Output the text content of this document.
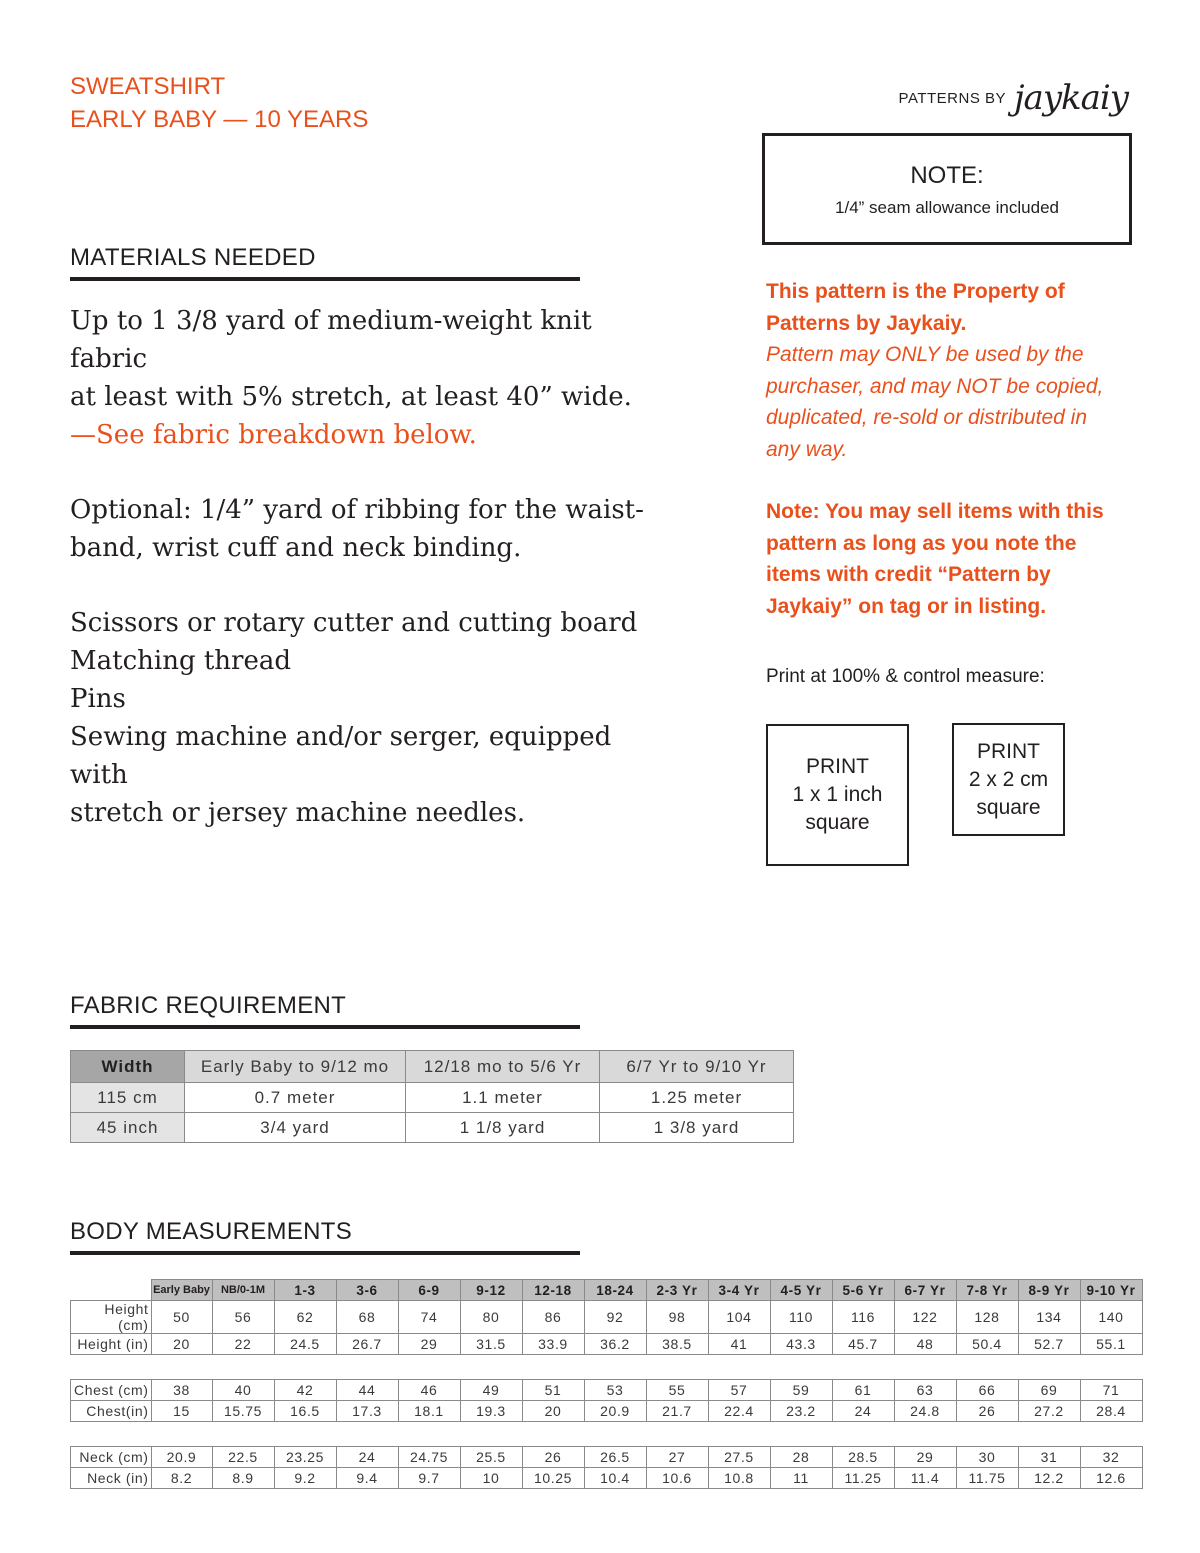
SWEATSHIRT
EARLY BABY — 10 YEARS
PATTERNS BY jaykaiy
NOTE:
1/4” seam allowance included
MATERIALS NEEDED

Up to 1 3/8 yard of medium-weight knit fabric

at least with 5% stretch, at least 40” wide.

—See fabric breakdown below.

Optional: 1/4” yard of ribbing for the waist-

band, wrist cuff and neck binding.

Scissors or rotary cutter and cutting board

Matching thread

Pins

Sewing machine and/or serger, equipped with

stretch or jersey machine needles.

This pattern is the Property of
Patterns by Jaykaiy.
Pattern may ONLY be used by the
purchaser, and may NOT be copied,
duplicated, re-sold or distributed in
any way.
Note: You may sell items with this
pattern as long as you note the
items with credit “Pattern by
Jaykaiy” on tag or in listing.
Print at 100% & control measure:
PRINT
1 x 1 inch
square
PRINT
2 x 2 cm
square
FABRIC REQUIREMENT
Width	Early Baby to 9/12 mo	12/18 mo to 5/6 Yr	6/7 Yr to 9/10 Yr
115 cm	0.7 meter	1.1 meter	1.25 meter
45 inch	3/4 yard	1 1/8 yard	1 3/8 yard
BODY MEASUREMENTS
	Early Baby	NB/0-1M	1-3	3-6	6-9	9-12	12-18	18-24	2-3 Yr	3-4 Yr	4-5 Yr	5-6 Yr	6-7 Yr	7-8 Yr	8-9 Yr	9-10 Yr
Height (cm)	50	56	62	68	74	80	86	92	98	104	110	116	122	128	134	140
Height (in)	20	22	24.5	26.7	29	31.5	33.9	36.2	38.5	41	43.3	45.7	48	50.4	52.7	55.1

Chest (cm)	38	40	42	44	46	49	51	53	55	57	59	61	63	66	69	71
Chest(in)	15	15.75	16.5	17.3	18.1	19.3	20	20.9	21.7	22.4	23.2	24	24.8	26	27.2	28.4

Neck (cm)	20.9	22.5	23.25	24	24.75	25.5	26	26.5	27	27.5	28	28.5	29	30	31	32
Neck (in)	8.2	8.9	9.2	9.4	9.7	10	10.25	10.4	10.6	10.8	11	11.25	11.4	11.75	12.2	12.6
